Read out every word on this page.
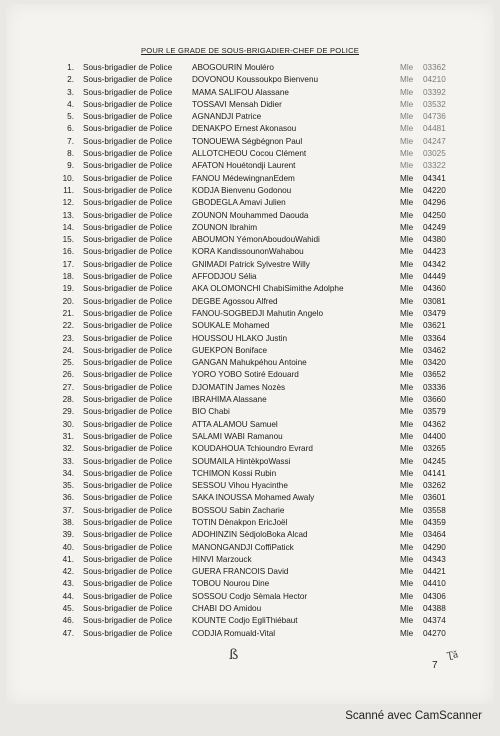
POUR LE GRADE DE SOUS-BRIGADIER-CHEF DE POLICE
1. Sous-brigadier de Police ABOGOURIN Mouléro	Mle 03362
2. Sous-brigadier de Police DOVONOU Koussoukpo Bienvenu	Mle 04210
3. Sous-brigadier de Police MAMA SALIFOU Alassane	Mle 03392
4. Sous-brigadier de Police TOSSAVI Mensah Didier	Mle 03532
5. Sous-brigadier de Police AGNANDJI Patrice	Mle 04736
6. Sous-brigadier de Police DENAKPO Ernest Akonasou	Mle 04481
7. Sous-brigadier de Police TONOUEWA Ségbégnon Paul	Mle 04247
8. Sous-brigadier de Police ALLOTCHEOU Cocou Clément	Mle 03025
9. Sous-brigadier de Police AFATON Houétondji Laurent	Mle 03322
10. Sous-brigadier de Police FANOU MédewingnanEdem	Mle 04341
11. Sous-brigadier de Police KODJA Bienvenu Godonou	Mle 04220
12. Sous-brigadier de Police GBODEGLA Amavi Julien	Mle 04296
13. Sous-brigadier de Police ZOUNON Mouhammed Daouda	Mle 04250
14. Sous-brigadier de Police ZOUNON Ibrahim	Mle 04249
15. Sous-brigadier de Police ABOUMON YémonAboudouWahidi	Mle 04380
16. Sous-brigadier de Police KORA KandissounonWahabou	Mle 04423
17. Sous-brigadier de Police GNIMADI Patrick Sylvestre Willy	Mle 04342
18. Sous-brigadier de Police AFFODJOU Sélia	Mle 04449
19. Sous-brigadier de Police AKA OLOMONCHI ChabiSimithe Adolphe	Mle 04360
20. Sous-brigadier de Police DEGBE Agossou Alfred	Mle 03081
21. Sous-brigadier de Police FANOU-SOGBEDJI Mahutin Angelo	Mle 03479
22. Sous-brigadier de Police SOUKALE Mohamed	Mle 03621
23. Sous-brigadier de Police HOUSSOU HLAKO Justin	Mle 03364
24. Sous-brigadier de Police GUEKPON Boniface	Mle 03462
25. Sous-brigadier de Police GANGAN Mahukpéhou Antoine	Mle 03420
26. Sous-brigadier de Police YORO YOBO Sotiré Edouard	Mle 03652
27. Sous-brigadier de Police DJOMATIN James Nozès	Mle 03336
28. Sous-brigadier de Police IBRAHIMA Alassane	Mle 03660
29. Sous-brigadier de Police BIO Chabi	Mle 03579
30. Sous-brigadier de Police ATTA ALAMOU Samuel	Mle 04362
31. Sous-brigadier de Police SALAMI WABI Ramanou	Mle 04400
32. Sous-brigadier de Police KOUDAHOUA Tchioundro Evrard	Mle 03265
33. Sous-brigadier de Police SOUMAILA HintèkpoWassi	Mle 04245
34. Sous-brigadier de Police TCHIMON Kossi Rubin	Mle 04141
35. Sous-brigadier de Police SESSOU Vihou Hyacinthe	Mle 03262
36. Sous-brigadier de Police SAKA INOUSSA Mohamed Awaly	Mle 03601
37. Sous-brigadier de Police BOSSOU Sabin Zacharie	Mle 03558
38. Sous-brigadier de Police TOTIN Dènakpon EricJoël	Mle 04359
39. Sous-brigadier de Police ADOHINZIN SèdjoloBoka Alcad	Mle 03464
40. Sous-brigadier de Police MANONGANDJI CoffiPatick	Mle 04290
41. Sous-brigadier de Police HINVI Marzouck	Mle 04343
42. Sous-brigadier de Police GUERA FRANCOIS David	Mle 04421
43. Sous-brigadier de Police TOBOU Nourou Dine	Mle 04410
44. Sous-brigadier de Police SOSSOU Codjo Sèmala Hector	Mle 04306
45. Sous-brigadier de Police CHABI DO Amidou	Mle 04388
46. Sous-brigadier de Police KOUNTE Codjo EgliThiébaut	Mle 04374
47. Sous-brigadier de Police CODJIA Romuald-Vital	Mle 04270
ß	Ʈă
7
Scanné avec CamScanner
